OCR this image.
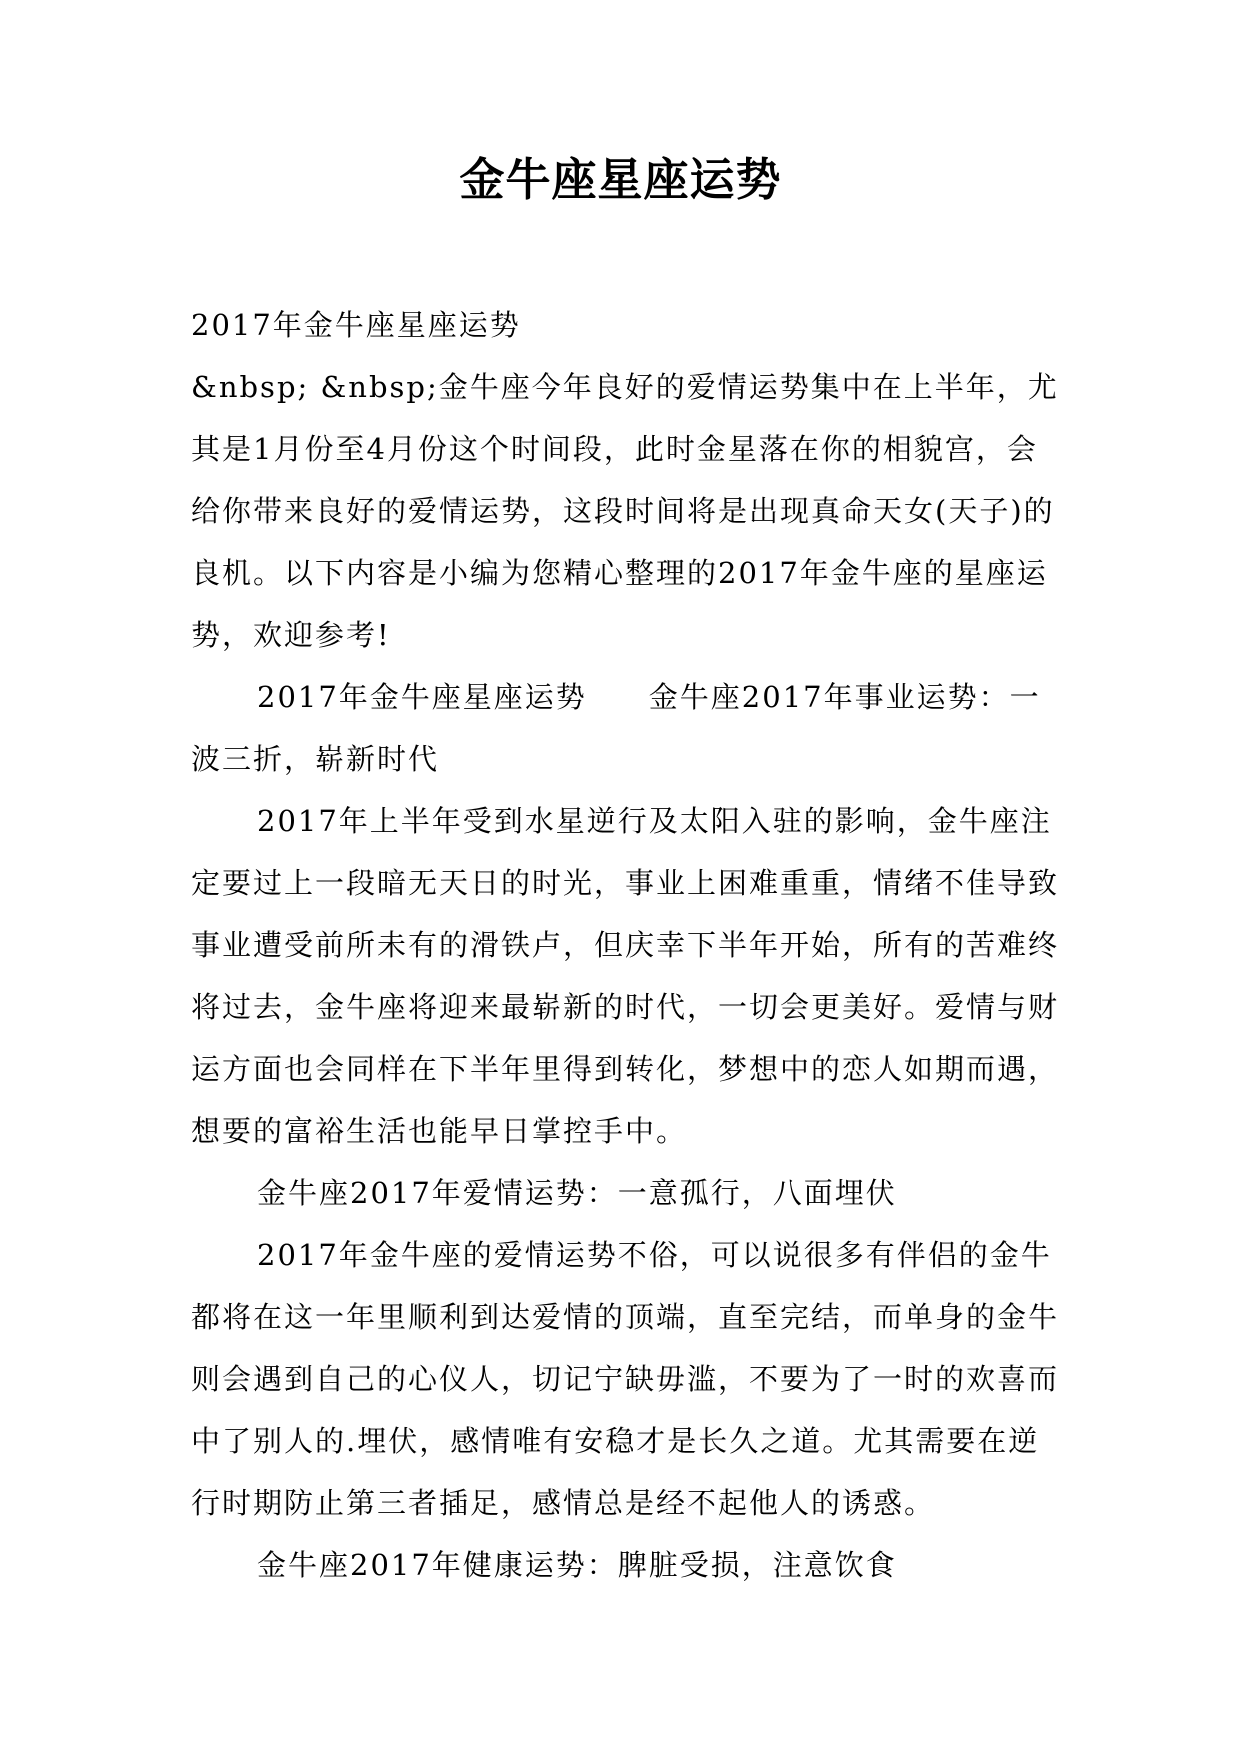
金牛座星座运势

2017年金牛座星座运势

&nbsp; &nbsp;金牛座今年良好的爱情运势集中在上半年，尤其是1月份至4月份这个时间段，此时金星落在你的相貌宫，会给你带来良好的爱情运势，这段时间将是出现真命天女(天子)的良机。以下内容是小编为您精心整理的2017年金牛座的星座运势，欢迎参考!

2017年金牛座星座运势　　金牛座2017年事业运势：一波三折，崭新时代

2017年上半年受到水星逆行及太阳入驻的影响，金牛座注定要过上一段暗无天日的时光，事业上困难重重，情绪不佳导致事业遭受前所未有的滑铁卢，但庆幸下半年开始，所有的苦难终将过去，金牛座将迎来最崭新的时代，一切会更美好。爱情与财运方面也会同样在下半年里得到转化，梦想中的恋人如期而遇，想要的富裕生活也能早日掌控手中。

金牛座2017年爱情运势：一意孤行，八面埋伏

2017年金牛座的爱情运势不俗，可以说很多有伴侣的金牛都将在这一年里顺利到达爱情的顶端，直至完结，而单身的金牛则会遇到自己的心仪人，切记宁缺毋滥，不要为了一时的欢喜而中了别人的.埋伏，感情唯有安稳才是长久之道。尤其需要在逆行时期防止第三者插足，感情总是经不起他人的诱惑。

金牛座2017年健康运势：脾脏受损，注意饮食
